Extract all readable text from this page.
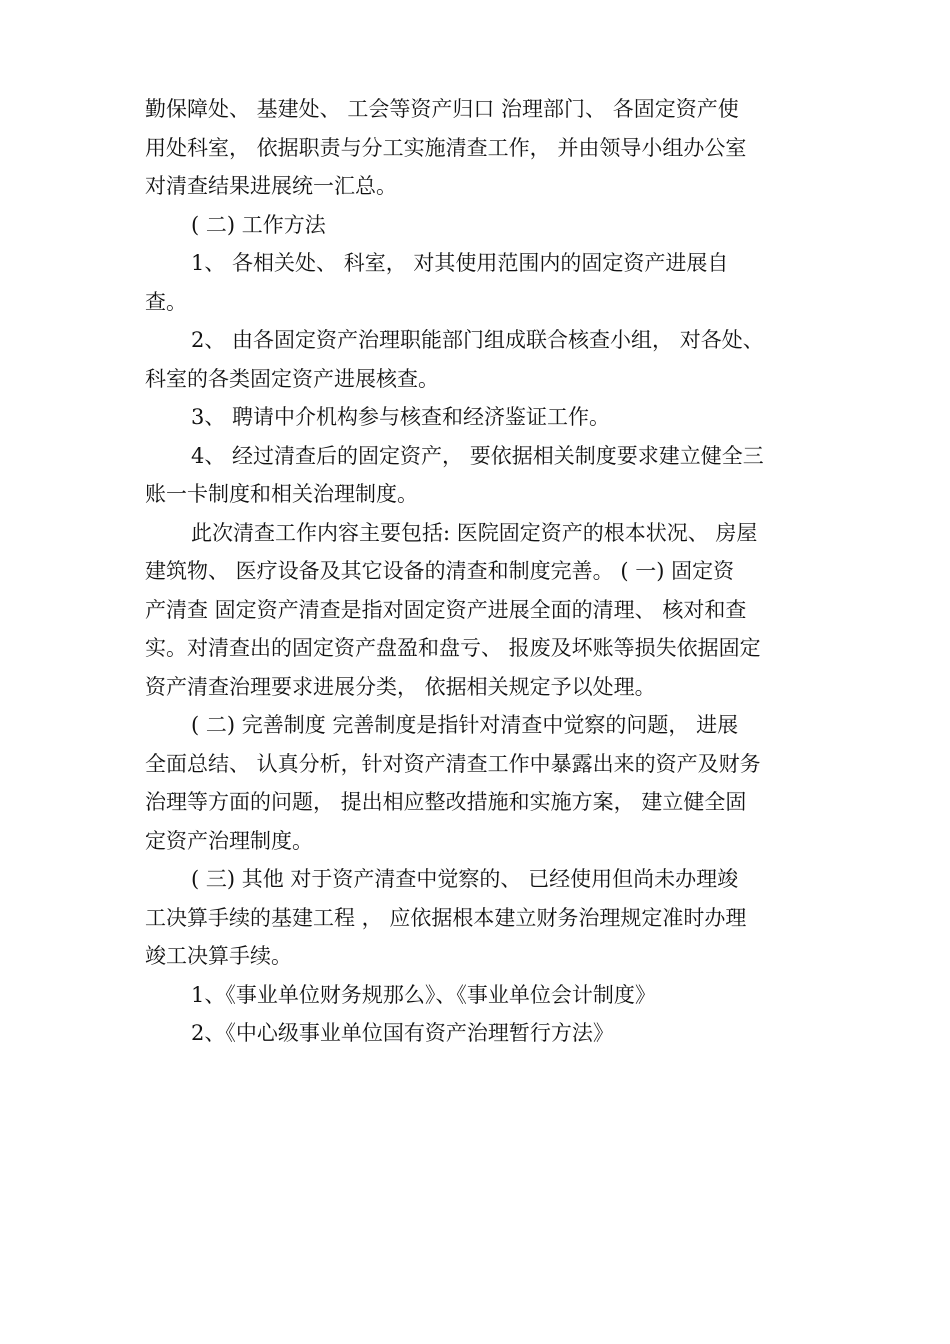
勤保障处、 基建处、 工会等资产归口 治理部门、 各固定资产使
用处科室， 依据职责与分工实施清查工作， 并由领导小组办公室
对清查结果进展统一汇总。
( 二) 工作方法
1、 各相关处、 科室， 对其使用范围内的固定资产进展自
查。
2、 由各固定资产治理职能部门组成联合核查小组， 对各处、
科室的各类固定资产进展核查。
3、 聘请中介机构参与核查和经济鉴证工作。
4、 经过清查后的固定资产， 要依据相关制度要求建立健全三
账一卡制度和相关治理制度。
此次清查工作内容主要包括: 医院固定资产的根本状况、 房屋
建筑物、 医疗设备及其它设备的清查和制度完善。 ( 一) 固定资
产清查 固定资产清查是指对固定资产进展全面的清理、 核对和查
实。对清查出的固定资产盘盈和盘亏、 报废及坏账等损失依据固定
资产清查治理要求进展分类， 依据相关规定予以处理。
( 二) 完善制度 完善制度是指针对清查中觉察的问题， 进展
全面总结、 认真分析，针对资产清查工作中暴露出来的资产及财务
治理等方面的问题， 提出相应整改措施和实施方案， 建立健全固
定资产治理制度。
( 三) 其他 对于资产清查中觉察的、 已经使用但尚未办理竣
工决算手续的基建工程 ， 应依据根本建立财务治理规定准时办理
竣工决算手续。
1、《事业单位财务规那么》、《事业单位会计制度》
2、《中心级事业单位国有资产治理暂行方法》
